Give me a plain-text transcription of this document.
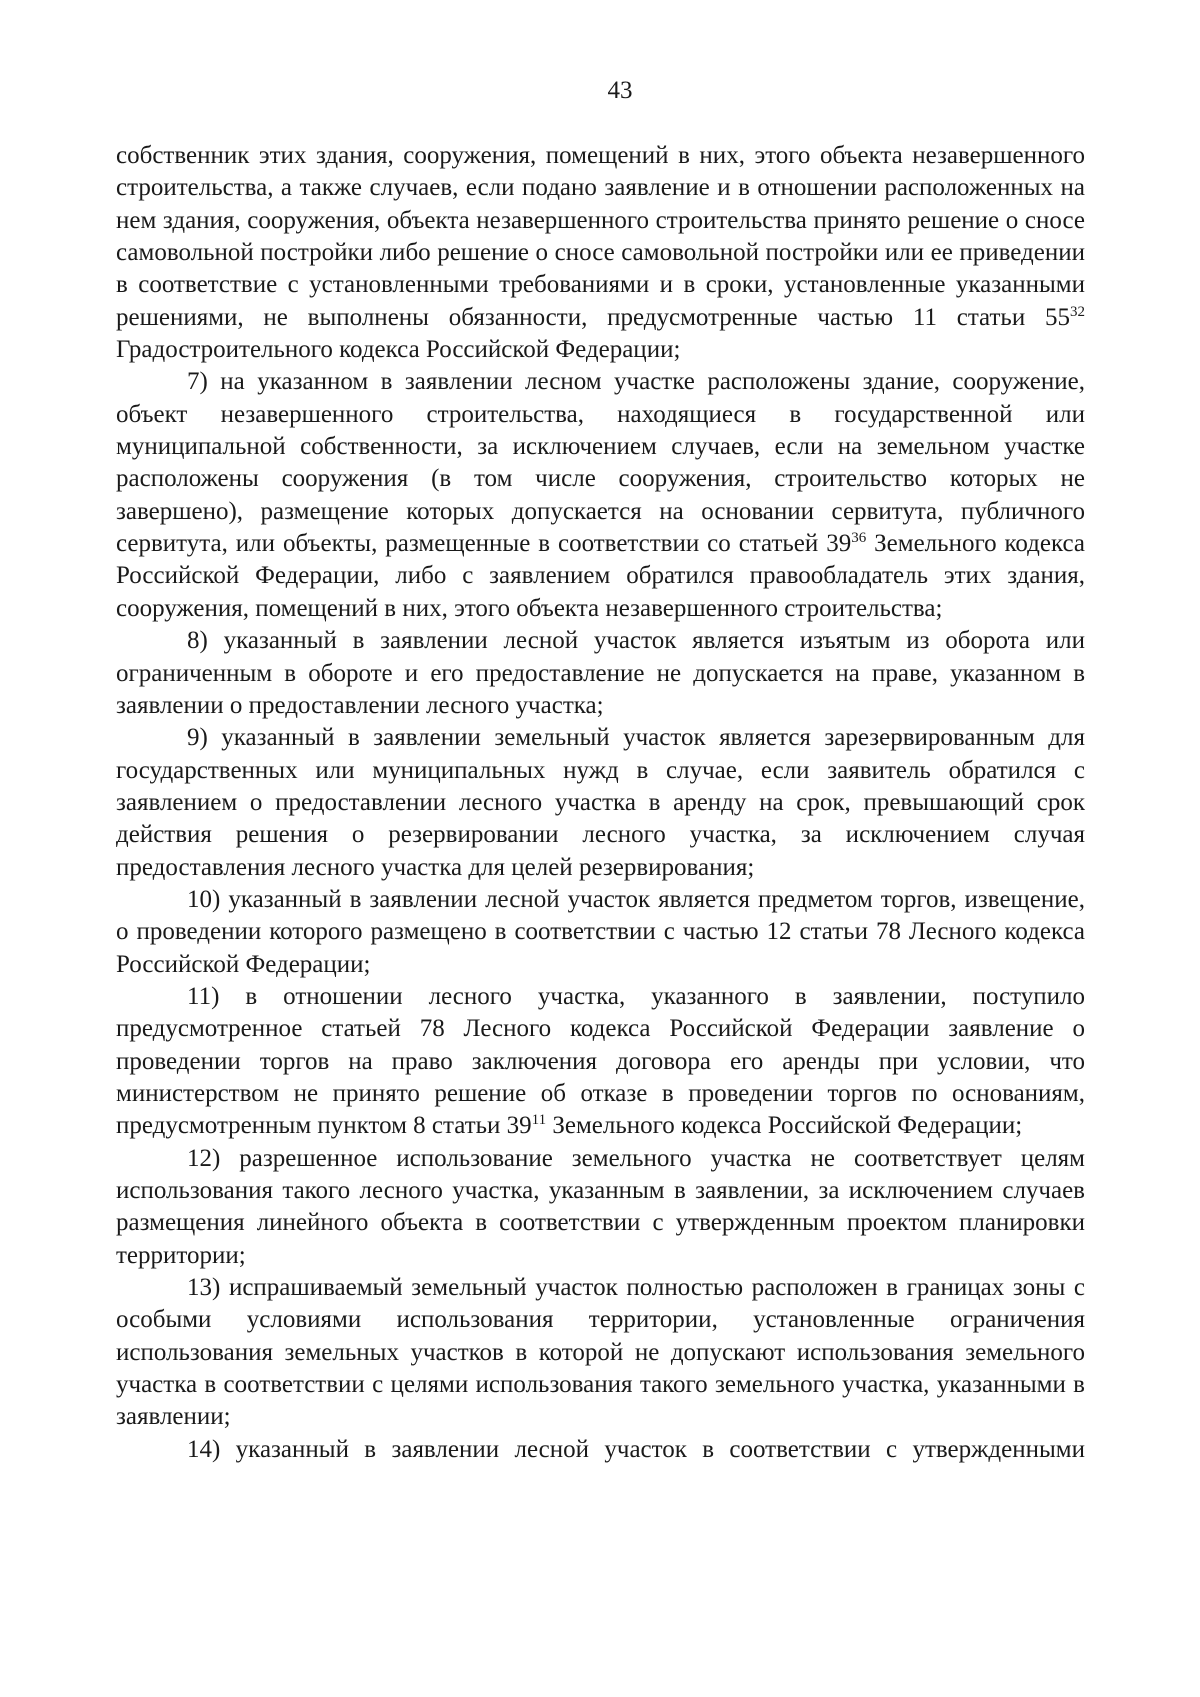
43

собственник этих здания, сооружения, помещений в них, этого объекта незавершенного строительства, а также случаев, если подано заявление и в отношении расположенных на нем здания, сооружения, объекта незавершенного строительства принято решение о сносе самовольной постройки либо решение о сносе самовольной постройки или ее приведении в соответствие с установленными требованиями и в сроки, установленные указанными решениями, не выполнены обязанности, предусмотренные частью 11 статьи $55^{32}$ Градостроительного кодекса Российской Федерации;

7) на указанном в заявлении лесном участке расположены здание, сооружение, объект незавершенного строительства, находящиеся в государственной или муниципальной собственности, за исключением случаев, если на земельном участке расположены сооружения (в том числе сооружения, строительство которых не завершено), размещение которых допускается на основании сервитута, публичного сервитута, или объекты, размещенные в соответствии со статьей $39^{36}$ Земельного кодекса Российской Федерации, либо с заявлением обратился правообладатель этих здания, сооружения, помещений в них, этого объекта незавершенного строительства;

8) указанный в заявлении лесной участок является изъятым из оборота или ограниченным в обороте и его предоставление не допускается на праве, указанном в заявлении о предоставлении лесного участка;

9) указанный в заявлении земельный участок является зарезервированным для государственных или муниципальных нужд в случае, если заявитель обратился с заявлением о предоставлении лесного участка в аренду на срок, превышающий срок действия решения о резервировании лесного участка, за исключением случая предоставления лесного участка для целей резервирования;

10) указанный в заявлении лесной участок является предметом торгов, извещение, о проведении которого размещено в соответствии с частью 12 статьи 78 Лесного кодекса Российской Федерации;

11) в отношении лесного участка, указанного в заявлении, поступило предусмотренное статьей 78 Лесного кодекса Российской Федерации заявление о проведении торгов на право заключения договора его аренды при условии, что министерством не принято решение об отказе в проведении торгов по основаниям, предусмотренным пунктом 8 статьи $39^{11}$ Земельного кодекса Российской Федерации;

12) разрешенное использование земельного участка не соответствует целям использования такого лесного участка, указанным в заявлении, за исключением случаев размещения линейного объекта в соответствии с утвержденным проектом планировки территории;

13) испрашиваемый земельный участок полностью расположен в границах зоны с особыми условиями использования территории, установленные ограничения использования земельных участков в которой не допускают использования земельного участка в соответствии с целями использования такого земельного участка, указанными в заявлении;

14) указанный в заявлении лесной участок в соответствии с утвержденными
